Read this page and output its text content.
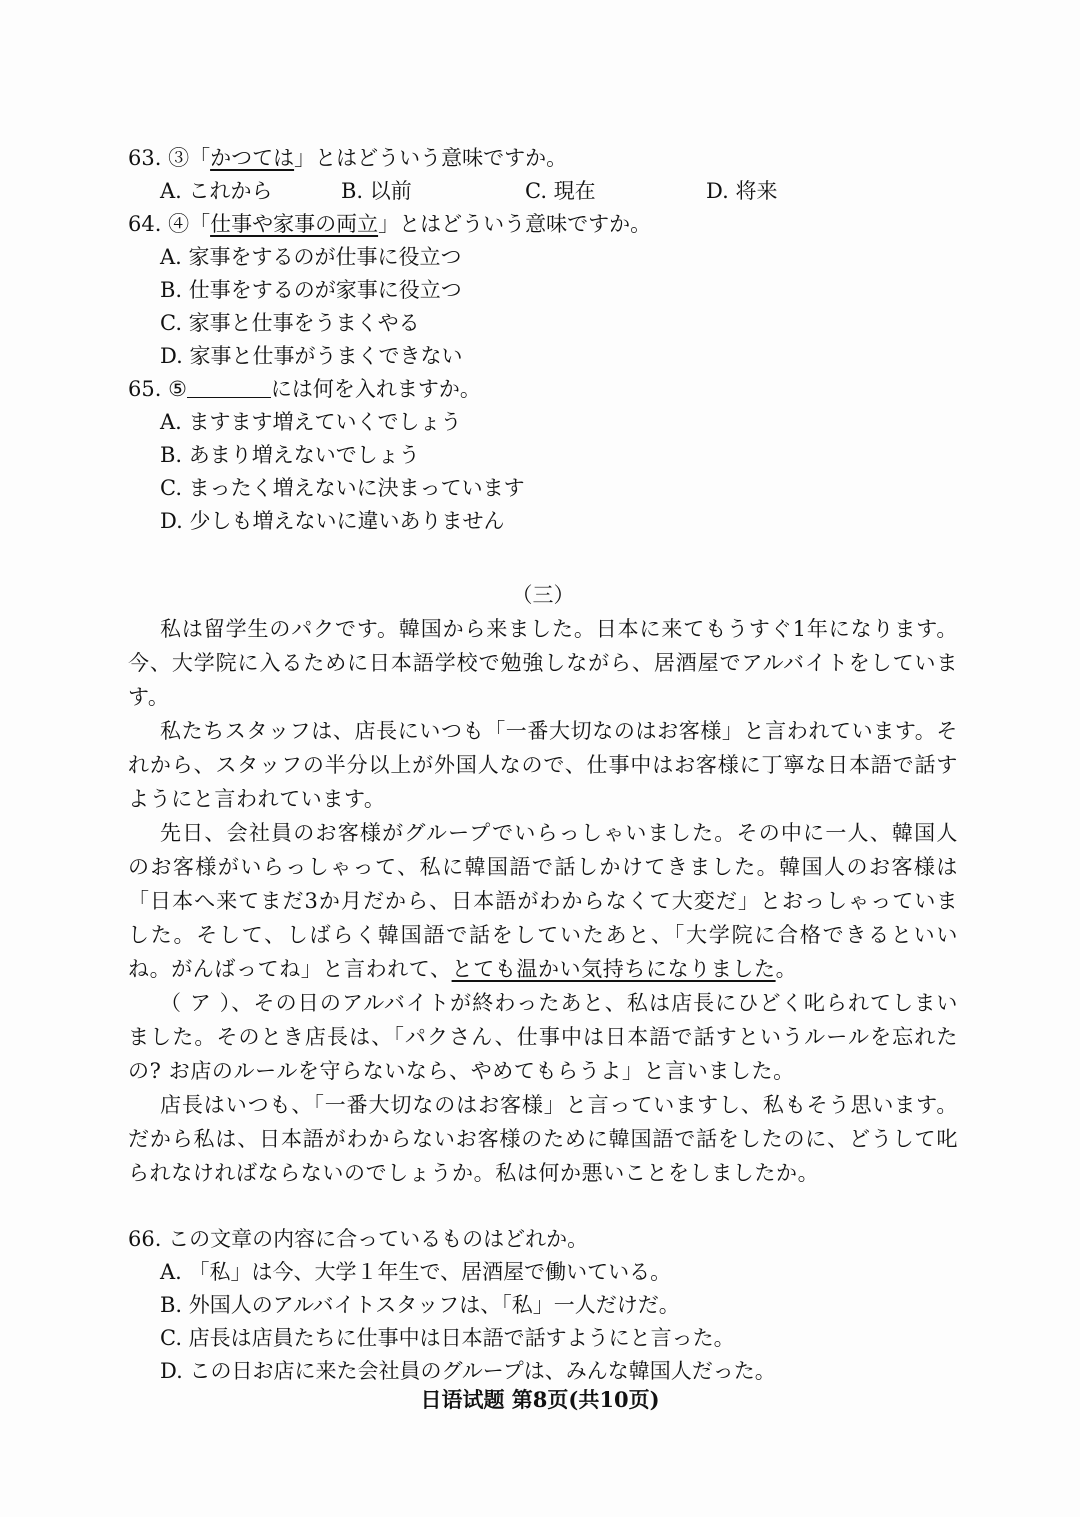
63. ③「かつては」とはどういう意味ですか。
A. これから	B. 以前	C. 現在	D. 将来
64. ④「仕事や家事の両立」とはどういう意味ですか。
A. 家事をするのが仕事に役立つ
B. 仕事をするのが家事に役立つ
C. 家事と仕事をうまくやる
D. 家事と仕事がうまくできない
65. ⑤	には何を入れますか。
A. ますます増えていくでしょう
B. あまり増えないでしょう
C. まったく増えないに決まっています
D. 少しも増えないに違いありません
（三）

私は留学生のパクです。韓国から来ました。日本に来てもうすぐ1年になります。今、大学院に入るために日本語学校で勉強しながら、居酒屋でアルバイトをしています。

私たちスタッフは、店長にいつも「一番大切なのはお客様」と言われています。それから、スタッフの半分以上が外国人なので、仕事中はお客様に丁寧な日本語で話すようにと言われています。

先日、会社員のお客様がグループでいらっしゃいました。その中に一人、韓国人のお客様がいらっしゃって、私に韓国語で話しかけてきました。韓国人のお客様は「日本へ来てまだ3か月だから、日本語がわからなくて大変だ」とおっしゃっていました。そして、しばらく韓国語で話をしていたあと、「大学院に合格できるといいね。がんばってね」と言われて、とても温かい気持ちになりました。

（ ア ）、その日のアルバイトが終わったあと、私は店長にひどく叱られてしまいました。そのとき店長は、「パクさん、仕事中は日本語で話すというルールを忘れたの? お店のルールを守らないなら、やめてもらうよ」と言いました。

店長はいつも、「一番大切なのはお客様」と言っていますし、私もそう思います。だから私は、日本語がわからないお客様のために韓国語で話をしたのに、どうして叱られなければならないのでしょうか。私は何か悪いことをしましたか。

66. この文章の内容に合っているものはどれか。
A. 「私」は今、大学１年生で、居酒屋で働いている。
B. 外国人のアルバイトスタッフは、「私」一人だけだ。
C. 店長は店員たちに仕事中は日本語で話すようにと言った。
D. この日お店に来た会社員のグループは、みんな韓国人だった。
日语试题 第8页(共10页)
